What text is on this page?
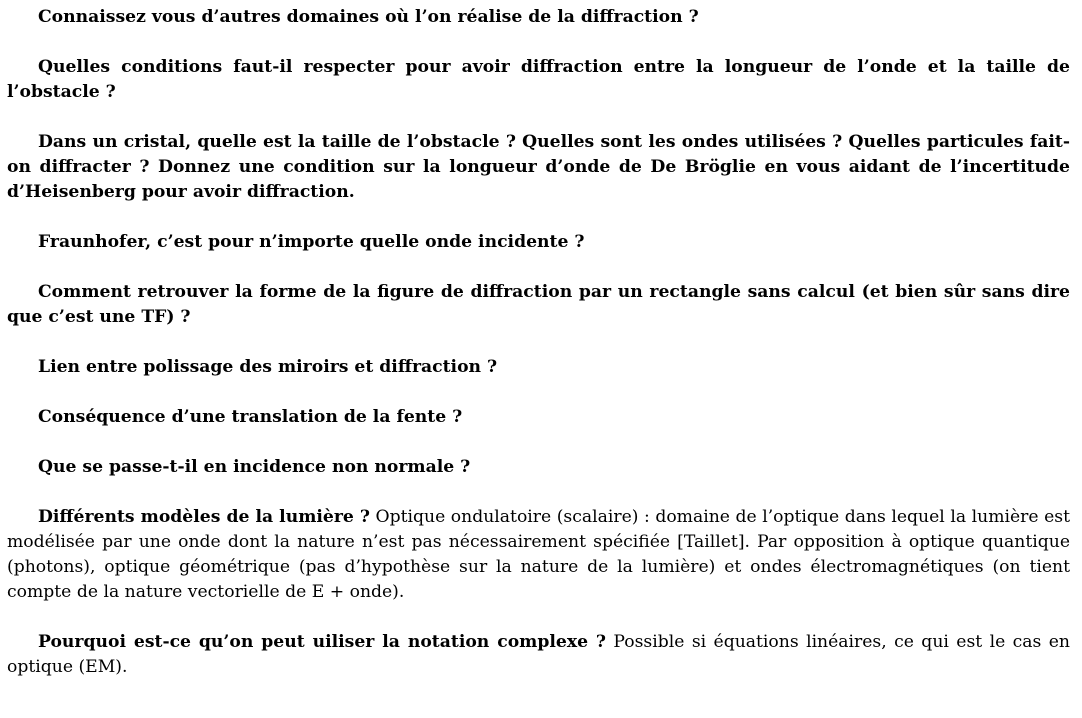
Connaissez vous d’autres domaines où l’on réalise de la diffraction ?

Quelles conditions faut-il respecter pour avoir diffraction entre la longueur de l’onde et la taille de l’obstacle ?

Dans un cristal, quelle est la taille de l’obstacle ? Quelles sont les ondes utilisées ? Quelles particules fait-on diffracter ? Donnez une condition sur la longueur d’onde de De Bröglie en vous aidant de l’incertitude d’Heisenberg pour avoir diffraction.

Fraunhofer, c’est pour n’importe quelle onde incidente ?

Comment retrouver la forme de la figure de diffraction par un rectangle sans calcul (et bien sûr sans dire que c’est une TF) ?

Lien entre polissage des miroirs et diffraction ?

Conséquence d’une translation de la fente ?

Que se passe-t-il en incidence non normale ?

Différents modèles de la lumière ? Optique ondulatoire (scalaire) : domaine de l’optique dans lequel la lumière est modélisée par une onde dont la nature n’est pas nécessairement spécifiée [Taillet]. Par opposition à optique quantique (photons), optique géométrique (pas d’hypothèse sur la nature de la lumière) et ondes électromagnétiques (on tient compte de la nature vectorielle de E + onde).

Pourquoi est-ce qu’on peut uiliser la notation complexe ? Possible si équations linéaires, ce qui est le cas en optique (EM).
